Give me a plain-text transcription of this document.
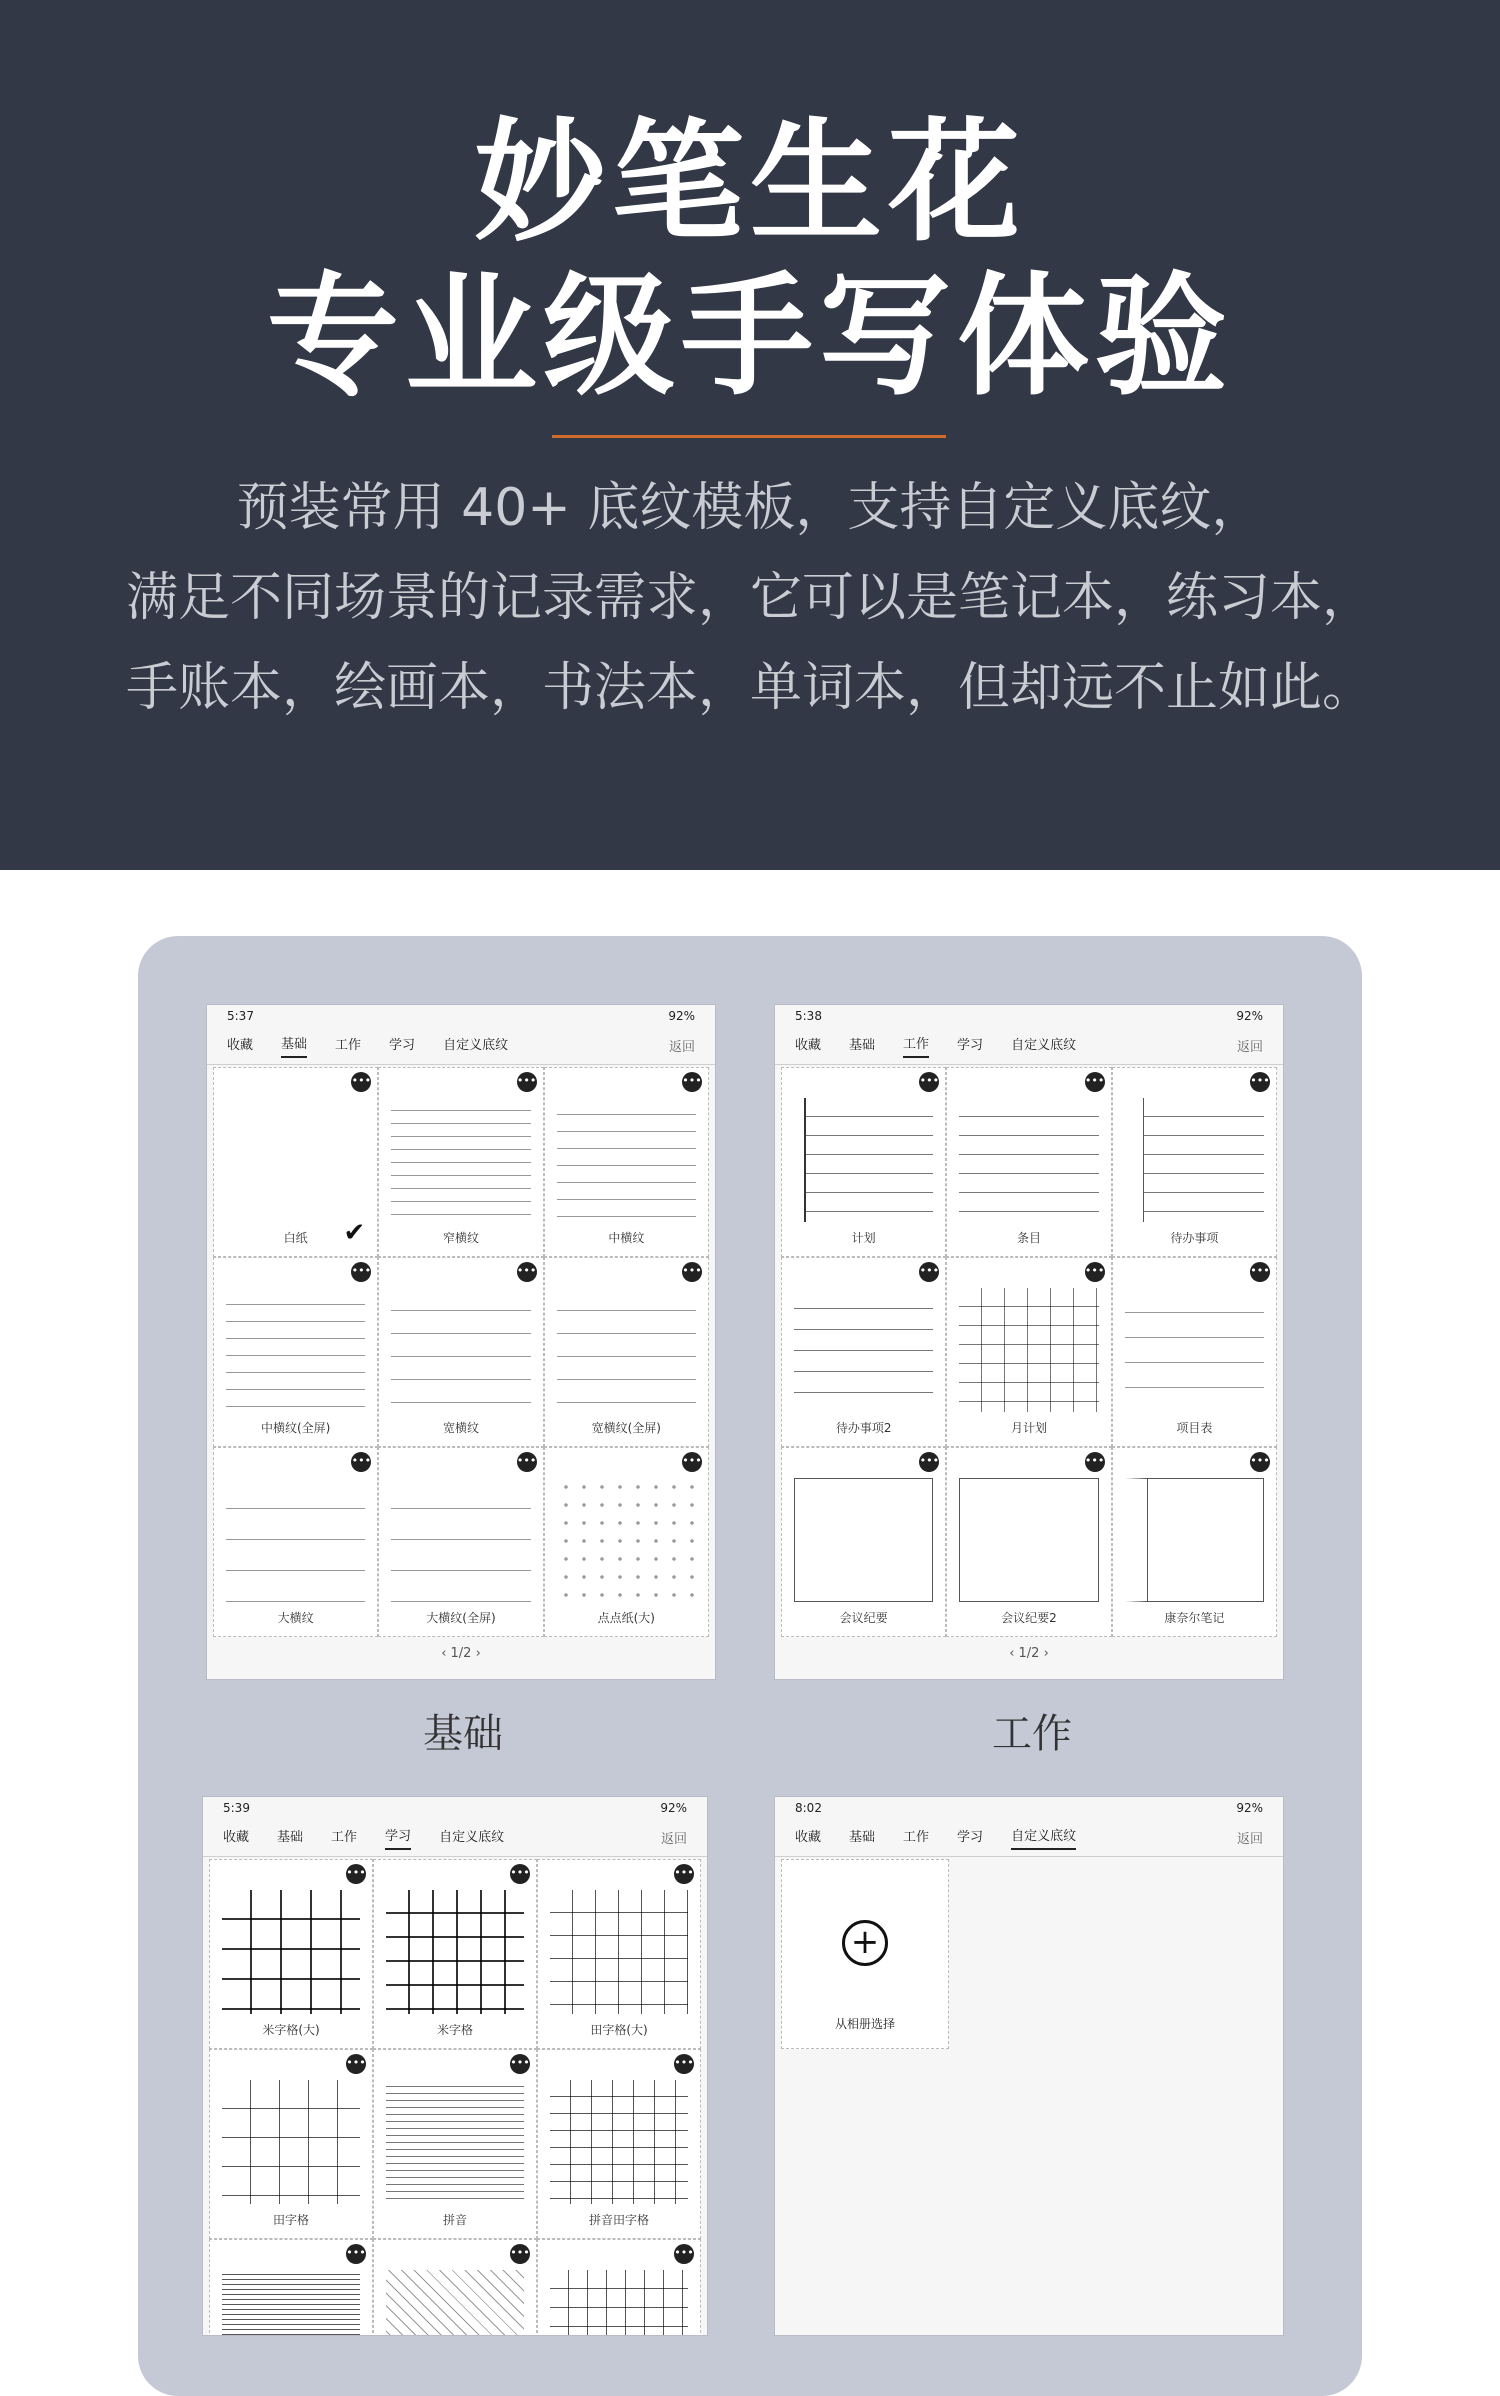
妙笔生花
专业级手写体验
预装常用 40+ 底纹模板，支持自定义底纹，
满足不同场景的记录需求，它可以是笔记本，练习本，
手账本，绘画本，书法本，单词本，但却远不止如此。
5:37	92%
收藏 基础 工作 学习 自定义底纹	返回
•••
✔
白纸
•••
窄横纹
•••
中横纹
•••
中横纹(全屏)
•••
宽横纹
•••
宽横纹(全屏)
•••
大横纹
•••
大横纹(全屏)
•••
点点纸(大)
‹ 1/2 ›
基础
5:38	92%
收藏 基础 工作 学习 自定义底纹	返回
•••
计划
•••
条目
•••
待办事项
•••
待办事项2
•••
月计划
•••
项目表
•••
会议纪要
•••
会议纪要2
•••
康奈尔笔记
‹ 1/2 ›
工作
5:39	92%
收藏 基础 工作 学习 自定义底纹	返回
•••
米字格(大)
•••
米字格
•••
田字格(大)
•••
田字格
•••
拼音
•••
拼音田字格
•••	•••	•••
8:02	92%
收藏 基础 工作 学习 自定义底纹	返回
+
从相册选择
